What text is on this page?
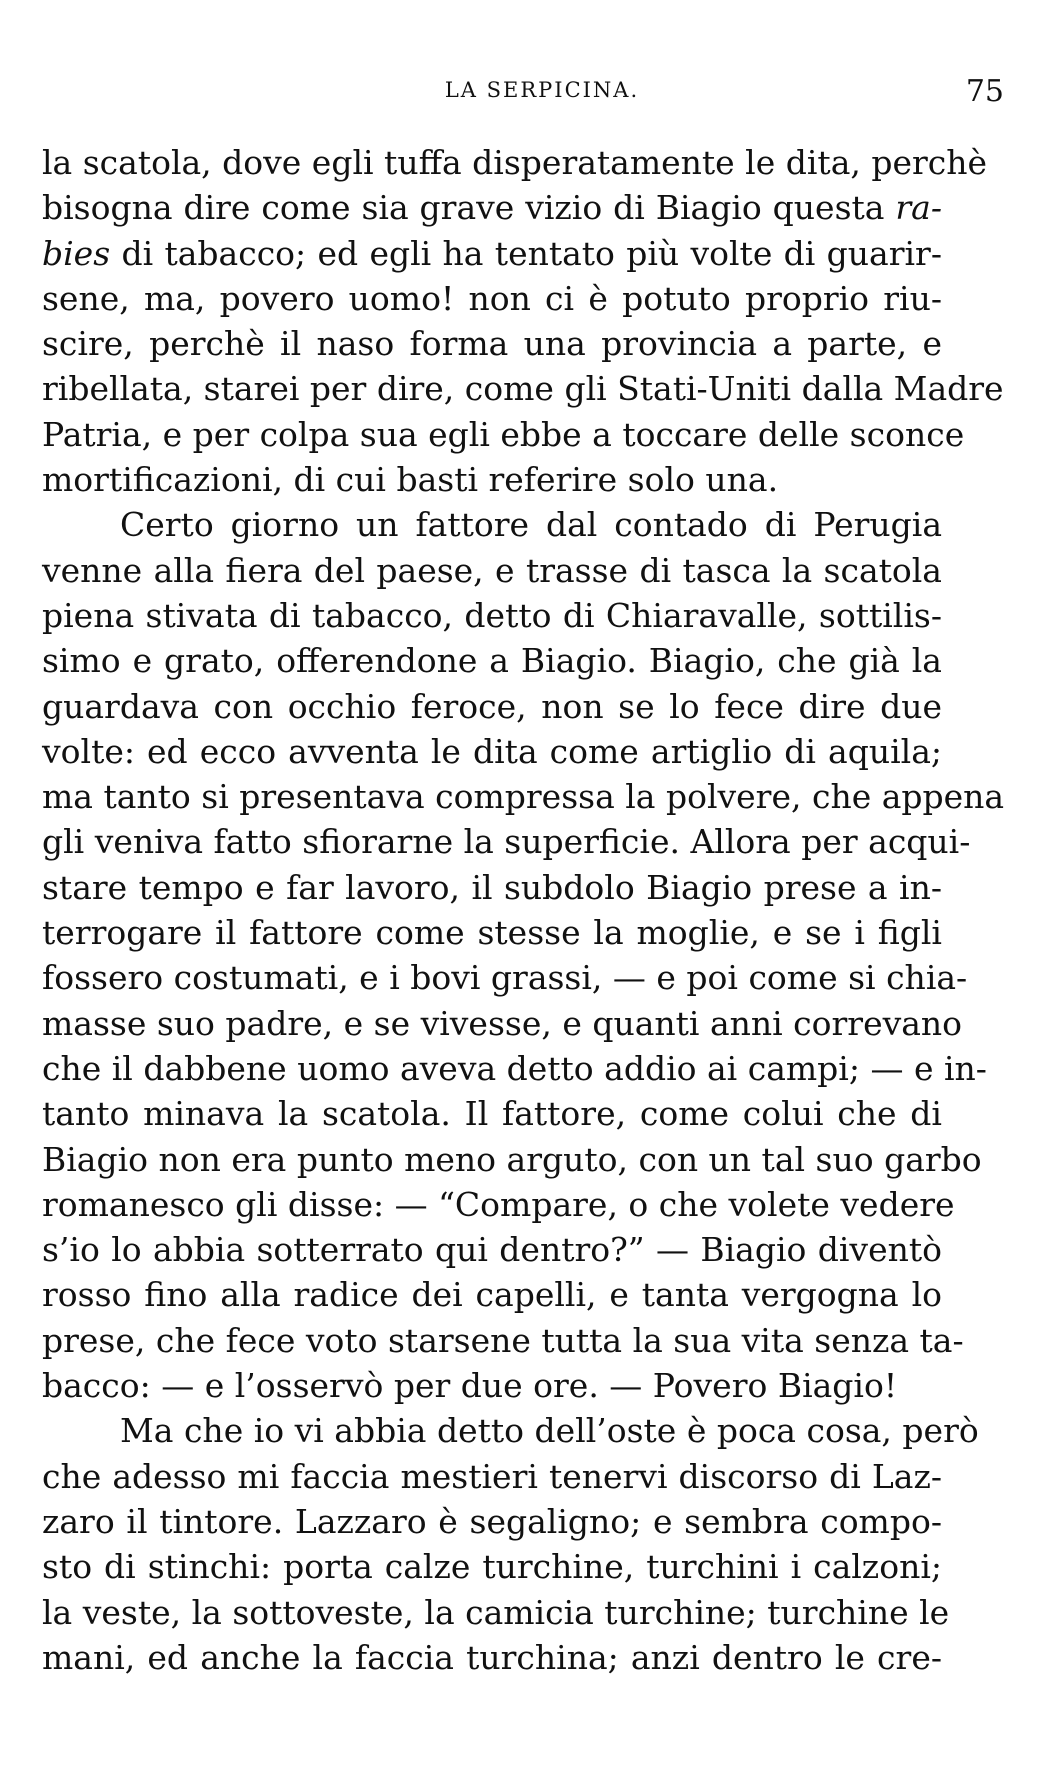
LA SERPICINA.	75
la scatola, dove egli tuffa disperatamente le dita, perchè
bisogna dire come sia grave vizio di Biagio questa ra-
bies di tabacco; ed egli ha tentato più volte di guarir-
sene, ma, povero uomo! non ci è potuto proprio riu-
scire, perchè il naso forma una provincia a parte, e
ribellata, starei per dire, come gli Stati-Uniti dalla Madre
Patria, e per colpa sua egli ebbe a toccare delle sconce
mortificazioni, di cui basti referire solo una.
Certo giorno un fattore dal contado di Perugia
venne alla fiera del paese, e trasse di tasca la scatola
piena stivata di tabacco, detto di Chiaravalle, sottilis-
simo e grato, offerendone a Biagio. Biagio, che già la
guardava con occhio feroce, non se lo fece dire due
volte: ed ecco avventa le dita come artiglio di aquila;
ma tanto si presentava compressa la polvere, che appena
gli veniva fatto sfiorarne la superficie. Allora per acqui-
stare tempo e far lavoro, il subdolo Biagio prese a in-
terrogare il fattore come stesse la moglie, e se i figli
fossero costumati, e i bovi grassi, — e poi come si chia-
masse suo padre, e se vivesse, e quanti anni correvano
che il dabbene uomo aveva detto addio ai campi; — e in-
tanto minava la scatola. Il fattore, come colui che di
Biagio non era punto meno arguto, con un tal suo garbo
romanesco gli disse: — “Compare, o che volete vedere
s’io lo abbia sotterrato qui dentro?” — Biagio diventò
rosso fino alla radice dei capelli, e tanta vergogna lo
prese, che fece voto starsene tutta la sua vita senza ta-
bacco: — e l’osservò per due ore. — Povero Biagio!
Ma che io vi abbia detto dell’oste è poca cosa, però
che adesso mi faccia mestieri tenervi discorso di Laz-
zaro il tintore. Lazzaro è segaligno; e sembra compo-
sto di stinchi: porta calze turchine, turchini i calzoni;
la veste, la sottoveste, la camicia turchine; turchine le
mani, ed anche la faccia turchina; anzi dentro le cre-
